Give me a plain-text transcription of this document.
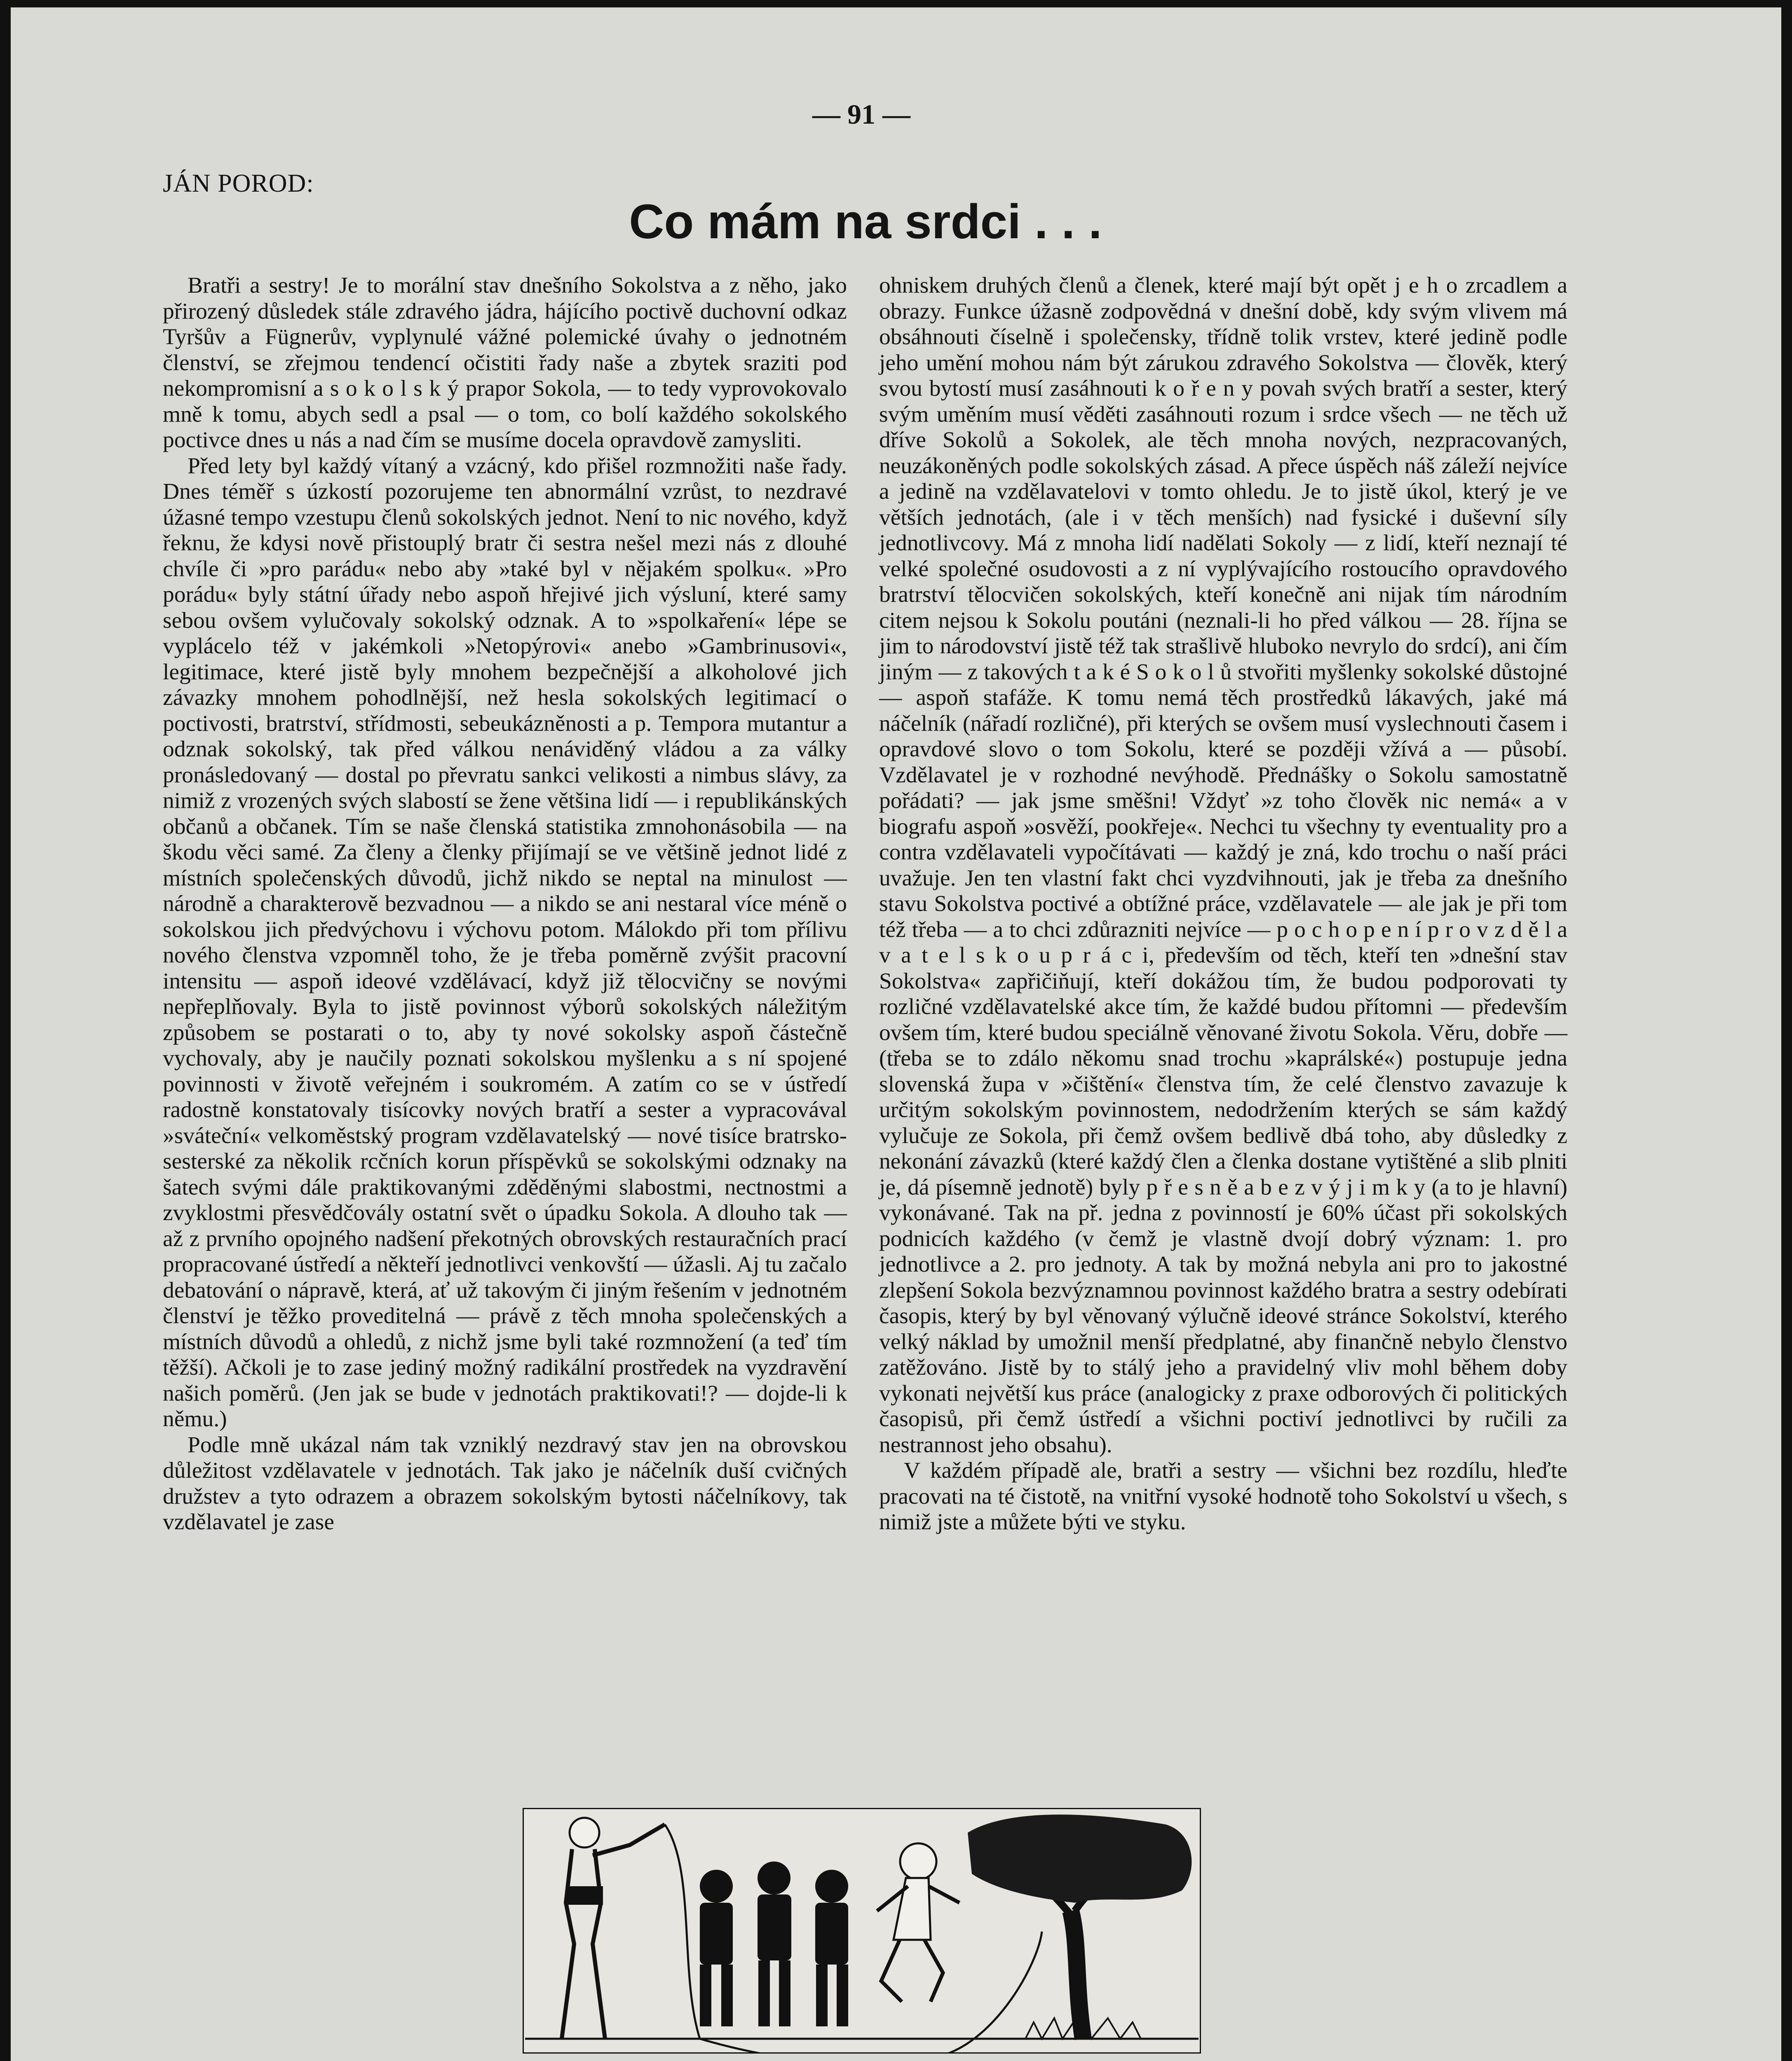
— 91 —
JÁN POROD:
Co mám na srdci . . .

Bratři a sestry! Je to morální stav dnešního Sokolstva a z něho, jako přirozený důsledek stále zdravého jádra, hájícího poctivě duchovní odkaz Tyršův a Fügnerův, vyplynulé vážné polemické úvahy o jednotném členství, se zřejmou tendencí očistiti řady naše a zbytek sraziti pod nekompromisní a s o k o l s k ý prapor Sokola, — to tedy vyprovokovalo mně k tomu, abych sedl a psal — o tom, co bolí každého sokolského poctivce dnes u nás a nad čím se musíme docela opravdově zamysliti.

Před lety byl každý vítaný a vzácný, kdo přišel rozmnožiti naše řady. Dnes téměř s úzkostí pozorujeme ten abnormální vzrůst, to nezdravé úžasné tempo vzestupu členů sokolských jednot. Není to nic nového, když řeknu, že kdysi nově přistouplý bratr či sestra nešel mezi nás z dlouhé chvíle či »pro parádu« nebo aby »také byl v nějakém spolku«. »Pro porádu« byly státní úřady nebo aspoň hřejivé jich výsluní, které samy sebou ovšem vylučovaly sokolský odznak. A to »spolkaření« lépe se vyplácelo též v jakémkoli »Netopýrovi« anebo »Gambrinusovi«, legitimace, které jistě byly mnohem bezpečnější a alkoholové jich závazky mnohem pohodlnější, než hesla sokolských legitimací o poctivosti, bratrství, střídmosti, sebeukázněnosti a p. Tempora mutantur a odznak sokolský, tak před válkou nenáviděný vládou a za války pronásledovaný — dostal po převratu sankci velikosti a nimbus slávy, za nimiž z vrozených svých slabostí se žene většina lidí — i republikánských občanů a občanek. Tím se naše členská statistika zmnohonásobila — na škodu věci samé. Za členy a členky přijímají se ve většině jednot lidé z místních společenských důvodů, jichž nikdo se neptal na minulost — národně a charakterově bezvadnou — a nikdo se ani nestaral více méně o sokolskou jich předvýchovu i výchovu potom. Málokdo při tom přílivu nového členstva vzpomněl toho, že je třeba poměrně zvýšit pracovní intensitu — aspoň ideové vzdělávací, když již tělocvičny se novými nepřeplňovaly. Byla to jistě povinnost výborů sokolských náležitým způsobem se postarati o to, aby ty nové sokolsky aspoň částečně vychovaly, aby je naučily poznati sokolskou myšlenku a s ní spojené povinnosti v životě veřejném i soukromém. A zatím co se v ústředí radostně konstatovaly tisícovky nových bratří a sester a vypracovával »sváteční« velkoměstský program vzdělavatelský — nové tisíce bratrsko-sesterské za několik rcčních korun příspěvků se sokolskými odznaky na šatech svými dále praktikovanými zděděnými slabostmi, nectnostmi a zvyklostmi přesvědčovály ostatní svět o úpadku Sokola. A dlouho tak — až z prvního opojného nadšení překotných obrovských restauračních prací propracované ústředí a někteří jednotlivci venkovští — úžasli. Aj tu začalo debatování o nápravě, která, ať už takovým či jiným řešením v jednotném členství je těžko proveditelná — právě z těch mnoha společenských a místních důvodů a ohledů, z nichž jsme byli také rozmnožení (a teď tím těžší). Ačkoli je to zase jediný možný radikální prostředek na vyzdravění našich poměrů. (Jen jak se bude v jednotách praktikovati!? — dojde-li k němu.)

Podle mně ukázal nám tak vzniklý nezdravý stav jen na obrovskou důležitost vzdělavatele v jednotách. Tak jako je náčelník duší cvičných družstev a tyto odrazem a obrazem sokolským bytosti náčelníkovy, tak vzdělavatel je zase

ohniskem druhých členů a členek, které mají být opět j e h o zrcadlem a obrazy. Funkce úžasně zodpovědná v dnešní době, kdy svým vlivem má obsáhnouti číselně i společensky, třídně tolik vrstev, které jedině podle jeho umění mohou nám být zárukou zdravého Sokolstva — člověk, který svou bytostí musí zasáhnouti k o ř e n y povah svých bratří a sester, který svým uměním musí věděti zasáhnouti rozum i srdce všech — ne těch už dříve Sokolů a Sokolek, ale těch mnoha nových, nezpracovaných, neuzákoněných podle sokolských zásad. A přece úspěch náš záleží nejvíce a jedině na vzdělavatelovi v tomto ohledu. Je to jistě úkol, který je ve větších jednotách, (ale i v těch menších) nad fysické i duševní síly jednotlivcovy. Má z mnoha lidí nadělati Sokoly — z lidí, kteří neznají té velké společné osudovosti a z ní vyplývajícího rostoucího opravdového bratrství tělocvičen sokolských, kteří konečně ani nijak tím národním citem nejsou k Sokolu poutáni (neznali-li ho před válkou — 28. října se jim to národovství jistě též tak strašlivě hluboko nevrylo do srdcí), ani čím jiným — z takových t a k é S o k o l ů stvořiti myšlenky sokolské důstojné — aspoň stafáže. K tomu nemá těch prostředků lákavých, jaké má náčelník (nářadí rozličné), při kterých se ovšem musí vyslechnouti časem i opravdové slovo o tom Sokolu, které se později vžívá a — působí. Vzdělavatel je v rozhodné nevýhodě. Přednášky o Sokolu samostatně pořádati? — jak jsme směšni! Vždyť »z toho člověk nic nemá« a v biografu aspoň »osvěží, pookřeje«. Nechci tu všechny ty eventuality pro a contra vzdělavateli vypočítávati — každý je zná, kdo trochu o naší práci uvažuje. Jen ten vlastní fakt chci vyzdvihnouti, jak je třeba za dnešního stavu Sokolstva poctivé a obtížné práce, vzdělavatele — ale jak je při tom též třeba — a to chci zdůrazniti nejvíce — p o c h o p e n í p r o v z d ě l a v a t e l s k o u p r á c i, především od těch, kteří ten »dnešní stav Sokolstva« zapřičiňují, kteří dokážou tím, že budou podporovati ty rozličné vzdělavatelské akce tím, že každé budou přítomni — především ovšem tím, které budou speciálně věnované životu Sokola. Věru, dobře — (třeba se to zdálo někomu snad trochu »kaprálské«) postupuje jedna slovenská župa v »čištění« členstva tím, že celé členstvo zavazuje k určitým sokolským povinnostem, nedodržením kterých se sám každý vylučuje ze Sokola, při čemž ovšem bedlivě dbá toho, aby důsledky z nekonání závazků (které každý člen a členka dostane vytištěné a slib plniti je, dá písemně jednotě) byly p ř e s n ě a b e z v ý j i m k y (a to je hlavní) vykonávané. Tak na př. jedna z povinností je 60% účast při sokolských podnicích každého (v čemž je vlastně dvojí dobrý význam: 1. pro jednotlivce a 2. pro jednoty. A tak by možná nebyla ani pro to jakostné zlepšení Sokola bezvýznamnou povinnost každého bratra a sestry odebírati časopis, který by byl věnovaný výlučně ideové stránce Sokolství, kterého velký náklad by umožnil menší předplatné, aby finančně nebylo členstvo zatěžováno. Jistě by to stálý jeho a pravidelný vliv mohl během doby vykonati největší kus práce (analogicky z praxe odborových či politických časopisů, při čemž ústředí a všichni poctiví jednotlivci by ručili za nestrannost jeho obsahu).

V každém případě ale, bratři a sestry — všichni bez rozdílu, hleďte pracovati na té čistotě, na vnitřní vysoké hodnotě toho Sokolství u všech, s nimiž jste a můžete býti ve styku.
